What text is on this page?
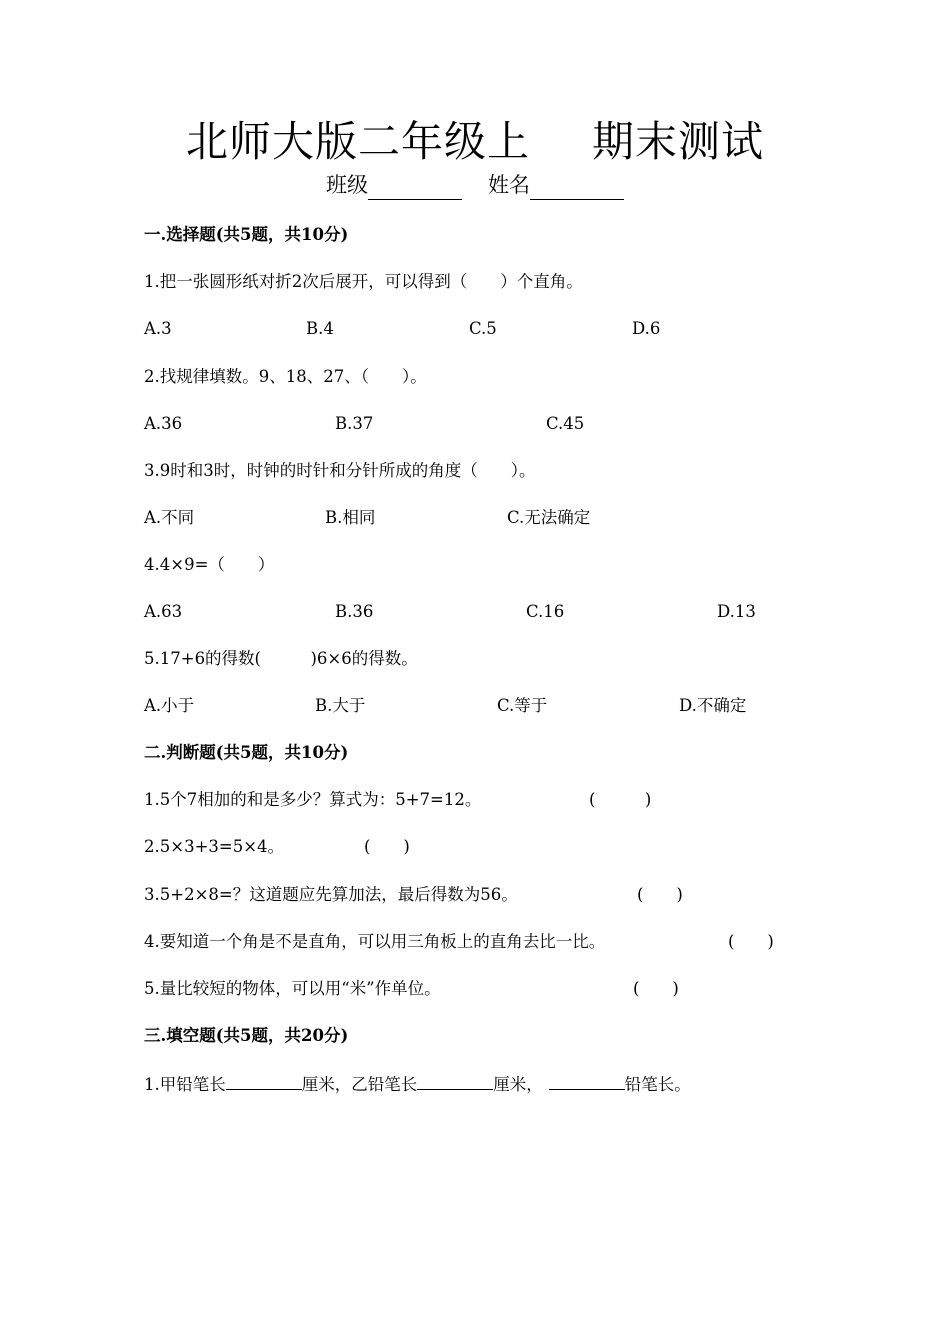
北师大版二年级上 期末测试
班级	姓名
一.选择题(共5题，共10分)
1.把一张圆形纸对折2次后展开，可以得到（　　）个直角。
A.3	B.4	C.5	D.6
2.找规律填数。9、18、27、（　　）。
A.36	B.37	C.45
3.9时和3时，时钟的时针和分针所成的角度（　　）。
A.不同	B.相同	C.无法确定
4.4×9=（　　）
A.63	B.36	C.16	D.13
5.17+6的得数(　　　)6×6的得数。
A.小于	B.大于	C.等于	D.不确定
二.判断题(共5题，共10分)
1.5个7相加的和是多少？算式为：5+7=12。	(　　　)
2.5×3+3=5×4。	(　　)
3.5+2×8=？这道题应先算加法，最后得数为56。	(　　)
4.要知道一个角是不是直角，可以用三角板上的直角去比一比。	(　　)
5.量比较短的物体，可以用“米”作单位。	(　　)
三.填空题(共5题，共20分)
1.甲铅笔长	厘米，乙铅笔长	厘米，	铅笔长。
